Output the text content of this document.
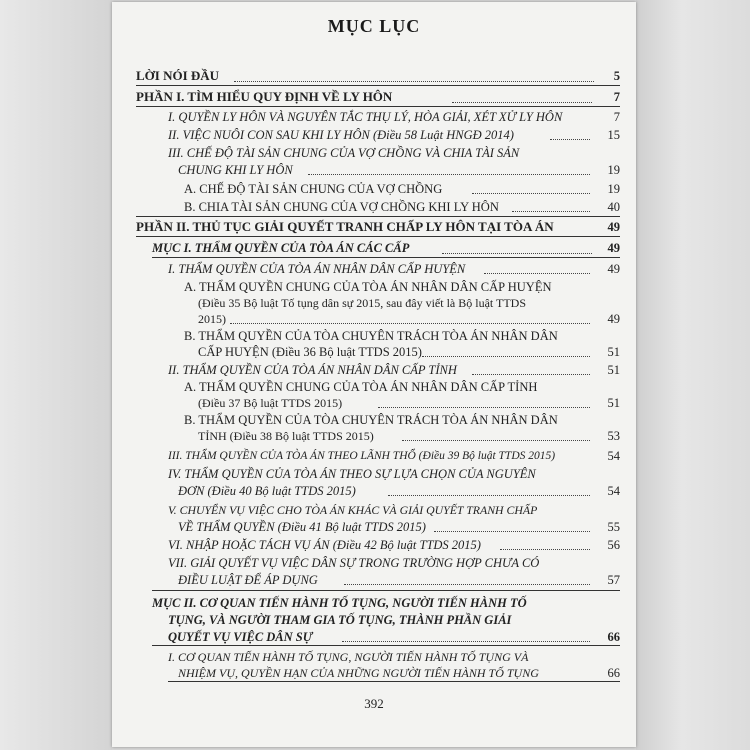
MỤC LỤC
LỜI NÓI ĐẦU	5
PHẦN I. TÌM HIỂU QUY ĐỊNH VỀ LY HÔN	7
I. QUYỀN LY HÔN VÀ NGUYÊN TẮC THỤ LÝ, HÒA GIẢI, XÉT XỬ LY HÔN	7
II. VIỆC NUÔI CON SAU KHI LY HÔN (Điều 58 Luật HNGĐ 2014)	15
III. CHẾ ĐỘ TÀI SẢN CHUNG CỦA VỢ CHỒNG VÀ CHIA TÀI SẢN
CHUNG KHI LY HÔN	19
A. CHẾ ĐỘ TÀI SẢN CHUNG CỦA VỢ CHỒNG	19
B. CHIA TÀI SẢN CHUNG CỦA VỢ CHỒNG KHI LY HÔN	40
PHẦN II. THỦ TỤC GIẢI QUYẾT TRANH CHẤP LY HÔN TẠI TÒA ÁN	49
MỤC I. THẨM QUYỀN CỦA TÒA ÁN CÁC CẤP	49
I. THẨM QUYỀN CỦA TÒA ÁN NHÂN DÂN CẤP HUYỆN	49
A. THẨM QUYỀN CHUNG CỦA TÒA ÁN NHÂN DÂN CẤP HUYỆN
(Điều 35 Bộ luật Tố tụng dân sự 2015, sau đây viết là Bộ luật TTDS
2015)	49
B. THẨM QUYỀN CỦA TÒA CHUYÊN TRÁCH TÒA ÁN NHÂN DÂN
CẤP HUYỆN (Điều 36 Bộ luật TTDS 2015)	51
II. THẨM QUYỀN CỦA TÒA ÁN NHÂN DÂN CẤP TỈNH	51
A. THẨM QUYỀN CHUNG CỦA TÒA ÁN NHÂN DÂN CẤP TỈNH
(Điều 37 Bộ luật TTDS 2015)	51
B. THẨM QUYỀN CỦA TÒA CHUYÊN TRÁCH TÒA ÁN NHÂN DÂN
TỈNH (Điều 38 Bộ luật TTDS 2015)	53
III. THẨM QUYỀN CỦA TÒA ÁN THEO LÃNH THỔ (Điều 39 Bộ luật TTDS 2015)	54
IV. THẨM QUYỀN CỦA TÒA ÁN THEO SỰ LỰA CHỌN CỦA NGUYÊN
ĐƠN (Điều 40 Bộ luật TTDS 2015)	54
V. CHUYỂN VỤ VIỆC CHO TÒA ÁN KHÁC VÀ GIẢI QUYẾT TRANH CHẤP
VỀ THẨM QUYỀN (Điều 41 Bộ luật TTDS 2015)	55
VI. NHẬP HOẶC TÁCH VỤ ÁN (Điều 42 Bộ luật TTDS 2015)	56
VII. GIẢI QUYẾT VỤ VIỆC DÂN SỰ TRONG TRƯỜNG HỢP CHƯA CÓ
ĐIỀU LUẬT ĐỂ ÁP DỤNG	57
MỤC II. CƠ QUAN TIẾN HÀNH TỐ TỤNG, NGƯỜI TIẾN HÀNH TỐ
TỤNG, VÀ NGƯỜI THAM GIA TỐ TỤNG, THÀNH PHẦN GIẢI
QUYẾT VỤ VIỆC DÂN SỰ	66
I. CƠ QUAN TIẾN HÀNH TỐ TỤNG, NGƯỜI TIẾN HÀNH TỐ TỤNG VÀ
NHIỆM VỤ, QUYỀN HẠN CỦA NHỮNG NGƯỜI TIẾN HÀNH TỐ TỤNG	66
392
